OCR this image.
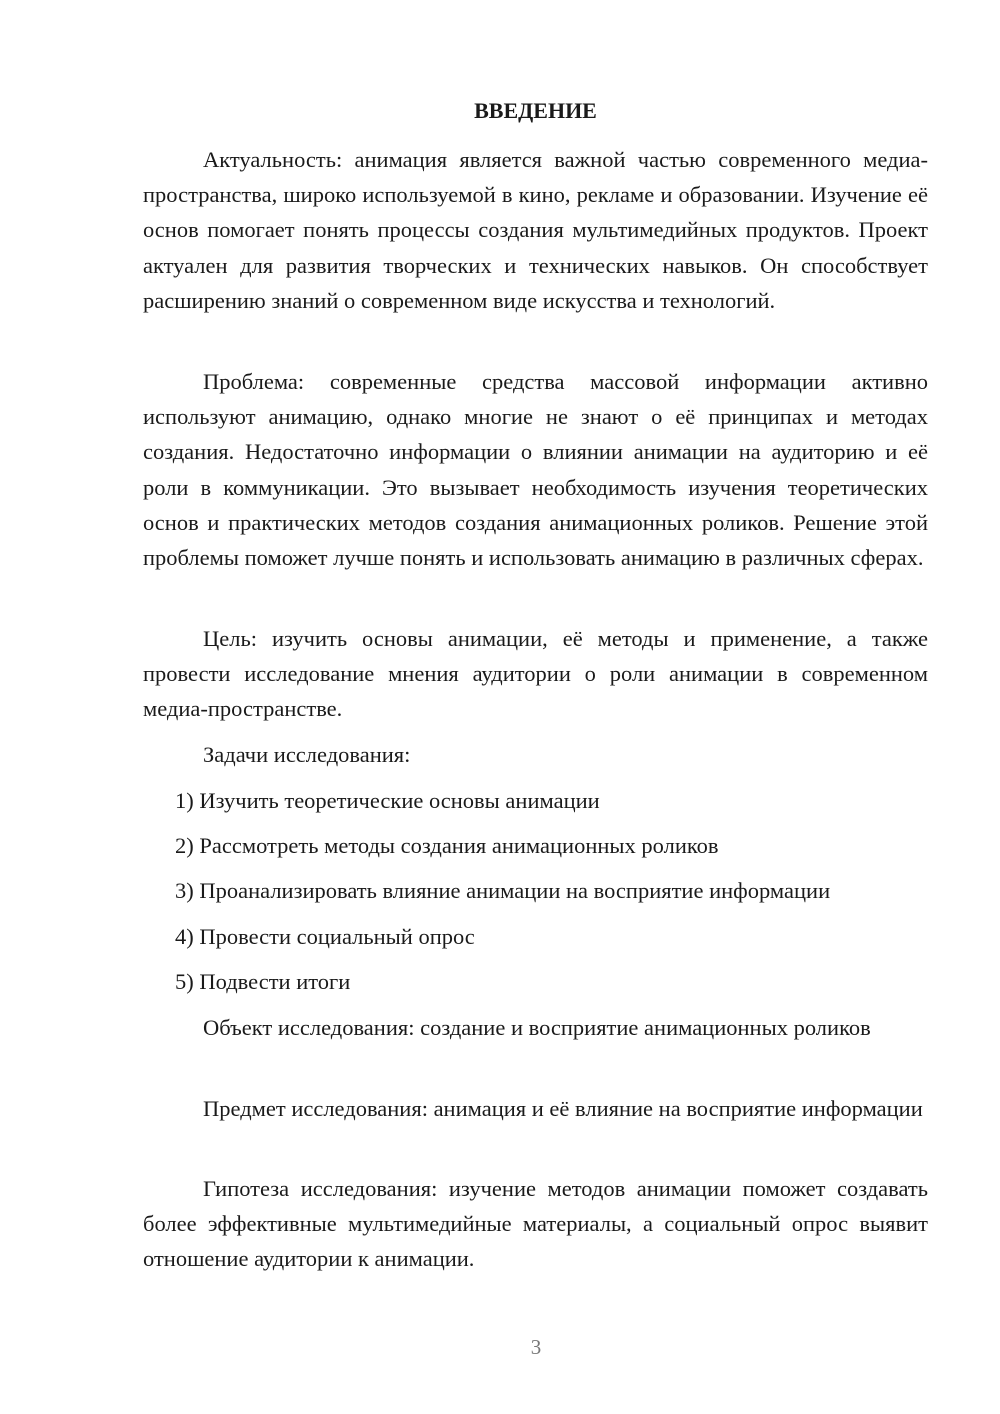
ВВЕДЕНИЕ

Актуальность: анимация является важной частью современного медиа-пространства, широко используемой в кино, рекламе и образовании. Изучение её основ помогает понять процессы создания мультимедийных продуктов. Проект актуален для развития творческих и технических навыков. Он способствует расширению знаний о современном виде искусства и технологий.

Проблема: современные средства массовой информации активно используют анимацию, однако многие не знают о её принципах и методах создания. Недостаточно информации о влиянии анимации на аудиторию и её роли в коммуникации. Это вызывает необходимость изучения теоретических основ и практических методов создания анимационных роликов. Решение этой проблемы поможет лучше понять и использовать анимацию в различных сферах.

Цель: изучить основы анимации, её методы и применение, а также провести исследование мнения аудитории о роли анимации в современном медиа-пространстве.

Задачи исследования:

1) Изучить теоретические основы анимации

2) Рассмотреть методы создания анимационных роликов

3) Проанализировать влияние анимации на восприятие информации

4) Провести социальный опрос

5) Подвести итоги

Объект исследования: создание и восприятие анимационных роликов

Предмет исследования: анимация и её влияние на восприятие информации

Гипотеза исследования: изучение методов анимации поможет создавать более эффективные мультимедийные материалы, а социальный опрос выявит отношение аудитории к анимации.

3
